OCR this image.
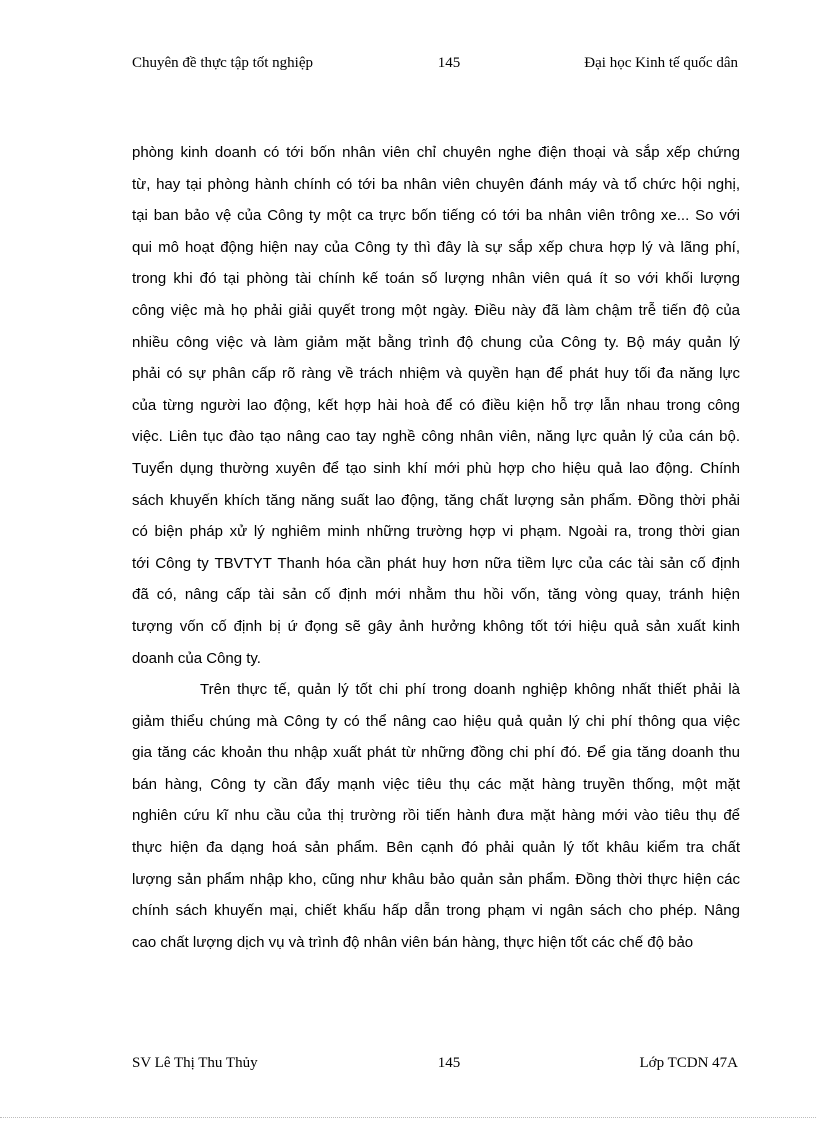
Chuyên đề thực tập tốt nghiệp	145	Đại học Kinh tế quốc dân
phòng kinh doanh có tới bốn nhân viên chỉ chuyên nghe điện thoại và sắp xếp chứng
từ, hay tại phòng hành chính có tới ba nhân viên chuyên đánh máy và tổ chức hội nghị,
tại ban bảo vệ của Công ty một ca trực bốn tiếng có tới ba nhân viên trông xe... So với
qui mô hoạt động hiện nay của Công ty thì đây là sự sắp xếp chưa hợp lý và lãng phí,
trong khi đó tại phòng tài chính kế toán số lượng nhân viên quá ít so với khối lượng
công việc mà họ phải giải quyết trong một ngày. Điều này đã làm chậm trễ tiến độ của
nhiều công việc và làm giảm mặt bằng trình độ chung của Công ty. Bộ máy quản lý
phải có sự phân cấp rõ ràng về trách nhiệm và quyền hạn để phát huy tối đa năng lực
của từng người lao động, kết hợp hài hoà để có điều kiện hỗ trợ lẫn nhau trong công
việc. Liên tục đào tạo nâng cao tay nghề công nhân viên, năng lực quản lý của cán bộ.
Tuyển dụng thường xuyên để tạo sinh khí mới phù hợp cho hiệu quả lao động. Chính
sách khuyến khích tăng năng suất lao động, tăng chất lượng sản phẩm. Đồng thời phải
có biện pháp xử lý nghiêm minh những trường hợp vi phạm. Ngoài ra, trong thời gian
tới Công ty TBVTYT Thanh hóa cần phát huy hơn nữa tiềm lực của các tài sản cố định
đã có, nâng cấp tài sản cố định mới nhằm thu hồi vốn, tăng vòng quay, tránh hiện
tượng vốn cố định bị ứ đọng sẽ gây ảnh hưởng không tốt tới hiệu quả sản xuất kinh
doanh của Công ty.
Trên thực tế, quản lý tốt chi phí trong doanh nghiệp không nhất thiết phải là
giảm thiểu chúng mà Công ty có thể nâng cao hiệu quả quản lý chi phí thông qua việc
gia tăng các khoản thu nhập xuất phát từ những đồng chi phí đó. Để gia tăng doanh thu
bán hàng, Công ty cần đẩy mạnh việc tiêu thụ các mặt hàng truyền thống, một mặt
nghiên cứu kĩ nhu cầu của thị trường rồi tiến hành đưa mặt hàng mới vào tiêu thụ để
thực hiện đa dạng hoá sản phẩm. Bên cạnh đó phải quản lý tốt khâu kiểm tra chất
lượng sản phẩm nhập kho, cũng như khâu bảo quản sản phẩm. Đồng thời thực hiện các
chính sách khuyến mại, chiết khấu hấp dẫn trong phạm vi ngân sách cho phép. Nâng
cao chất lượng dịch vụ và trình độ nhân viên bán hàng, thực hiện tốt các chế độ bảo
SV Lê Thị Thu Thủy	145	Lớp TCDN 47A
